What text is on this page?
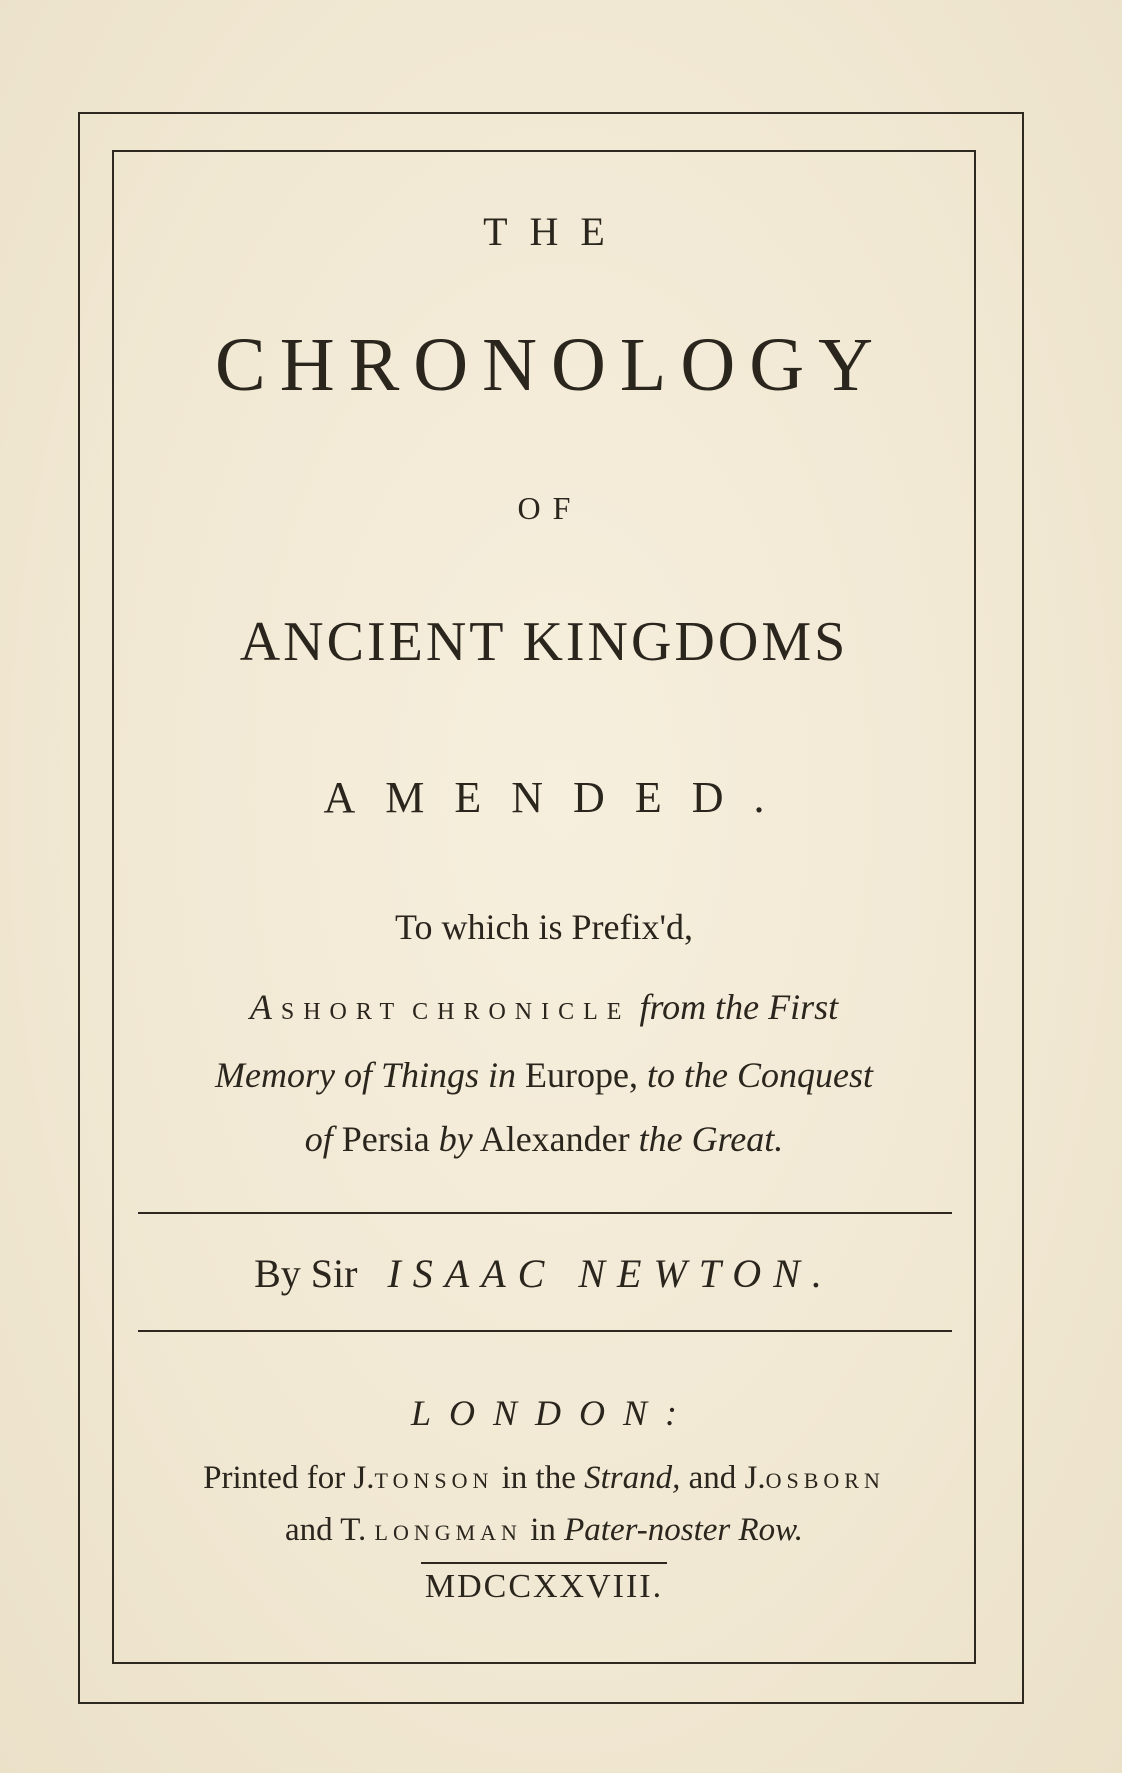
THE
CHRONOLOGY
OF
ANCIENT KINGDOMS
AMENDED.
To which is Prefix'd,
A SHORT CHRONICLE from the First
Memory of Things in Europe, to the Conquest
of Persia by Alexander the Great.
By Sir ISAAC NEWTON.
LONDON:
Printed for J.TONSON in the Strand, and J.OSBORN
and T. LONGMAN in Pater-noster Row.
MDCCXXVIII.
